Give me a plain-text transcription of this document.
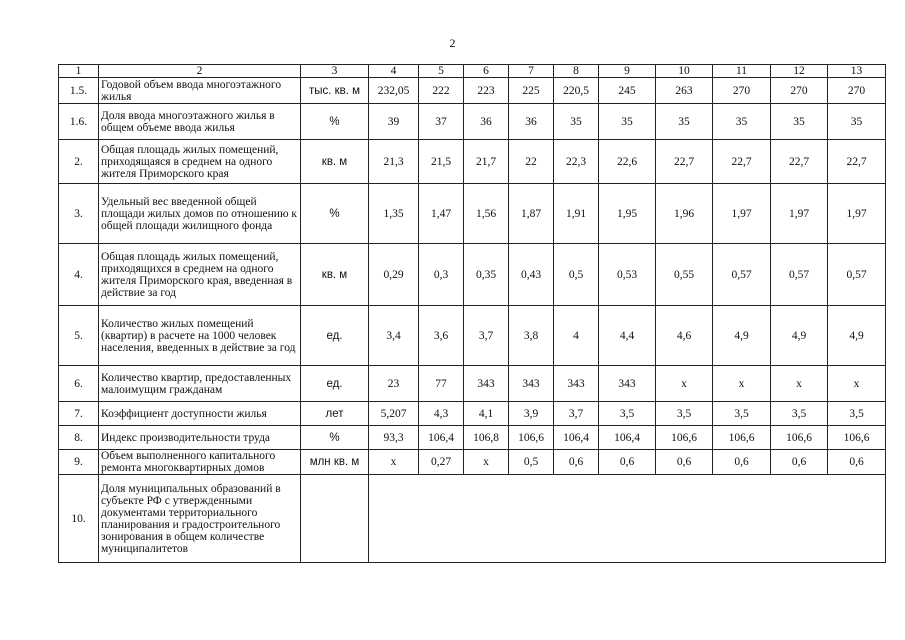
2
1	2	3	4	5	6	7	8	9	10	11	12	13
1.5.	Годовой объем ввода многоэтажного жилья	тыс. кв. м	232,05	222	223	225	220,5	245	263	270	270	270
1.6.	Доля ввода многоэтажного жилья в общем объеме ввода жилья	%	39	37	36	36	35	35	35	35	35	35
2.	Общая площадь жилых помещений, приходящаяся в среднем на одного жителя Приморского края	кв. м	21,3	21,5	21,7	22	22,3	22,6	22,7	22,7	22,7	22,7
3.	Удельный вес введенной общей площади жилых домов по отношению к общей площади жилищного фонда	%	1,35	1,47	1,56	1,87	1,91	1,95	1,96	1,97	1,97	1,97
4.	Общая площадь жилых помещений, приходящихся в среднем на одного жителя Приморского края, введенная в действие за год	кв. м	0,29	0,3	0,35	0,43	0,5	0,53	0,55	0,57	0,57	0,57
5.	Количество жилых помещений (квартир) в расчете на 1000 человек населения, введенных в действие за год	ед.	3,4	3,6	3,7	3,8	4	4,4	4,6	4,9	4,9	4,9
6.	Количество квартир, предоставленных малоимущим гражданам	ед.	23	77	343	343	343	343	х	х	х	х
7.	Коэффициент доступности жилья	лет	5,207	4,3	4,1	3,9	3,7	3,5	3,5	3,5	3,5	3,5
8.	Индекс производительности труда	%	93,3	106,4	106,8	106,6	106,4	106,4	106,6	106,6	106,6	106,6
9.	Объем выполненного капитального ремонта многоквартирных домов	млн кв. м	х	0,27	х	0,5	0,6	0,6	0,6	0,6	0,6	0,6
10.	Доля муниципальных образований в субъекте РФ с утвержденными документами территориального планирования и градостроительного зонирования в общем количестве муниципалитетов											
